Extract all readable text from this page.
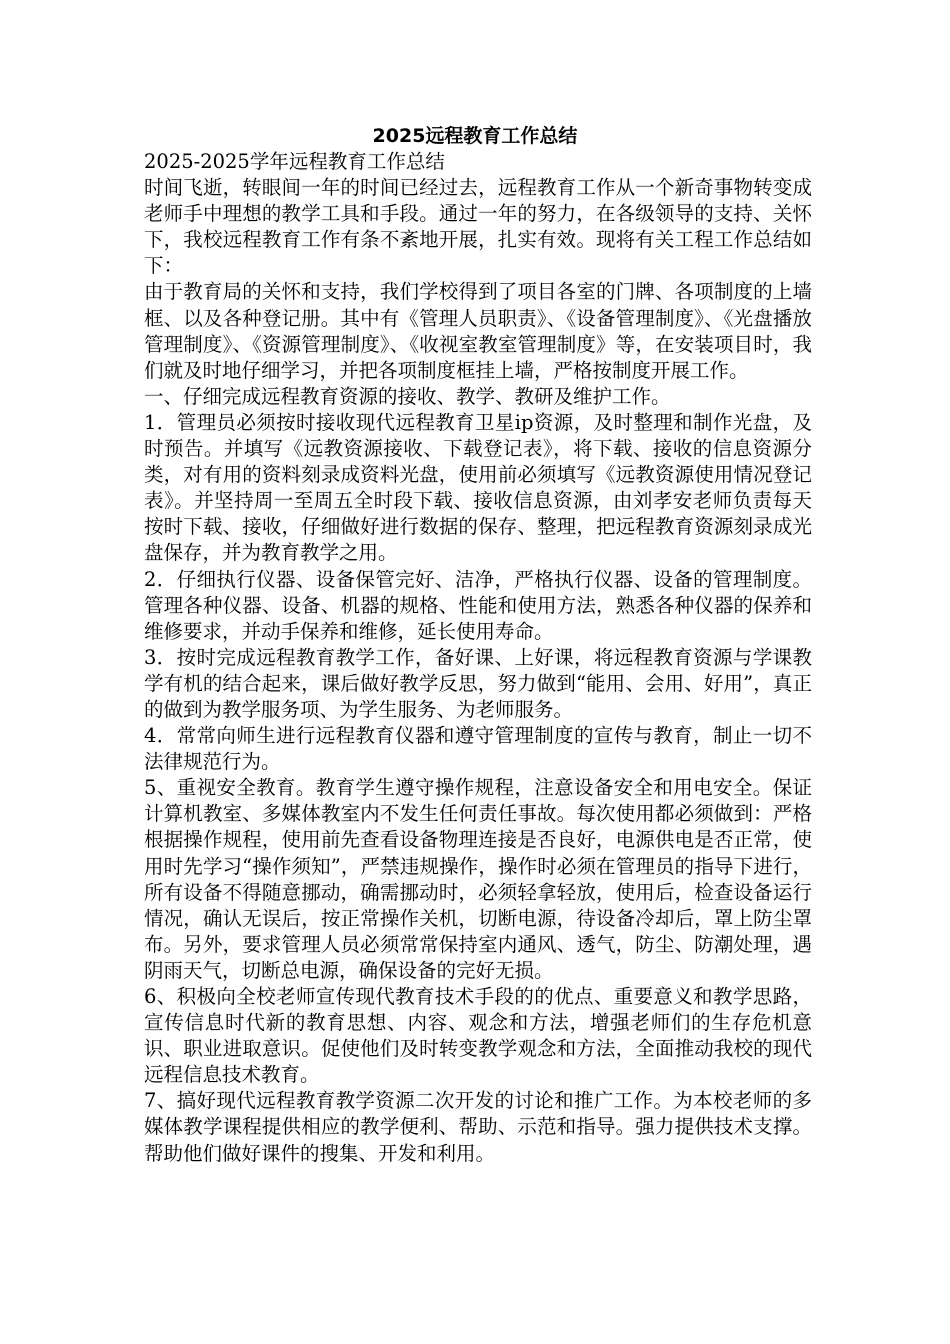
2025远程教育工作总结

2025-2025学年远程教育工作总结

时间飞逝，转眼间一年的时间已经过去，远程教育工作从一个新奇事物转变成老师手中理想的教学工具和手段。通过一年的努力，在各级领导的支持、关怀下，我校远程教育工作有条不紊地开展，扎实有效。现将有关工程工作总结如下：

由于教育局的关怀和支持，我们学校得到了项目各室的门牌、各项制度的上墙框、以及各种登记册。其中有《管理人员职责》、《设备管理制度》、《光盘播放管理制度》、《资源管理制度》、《收视室教室管理制度》等，在安装项目时，我们就及时地仔细学习，并把各项制度框挂上墙，严格按制度开展工作。

一、仔细完成远程教育资源的接收、教学、教研及维护工作。

1．管理员必须按时接收现代远程教育卫星ip资源，及时整理和制作光盘，及时预告。并填写《远教资源接收、下载登记表》，将下载、接收的信息资源分类，对有用的资料刻录成资料光盘，使用前必须填写《远教资源使用情况登记表》。并坚持周一至周五全时段下载、接收信息资源，由刘孝安老师负责每天按时下载、接收，仔细做好进行数据的保存、整理，把远程教育资源刻录成光盘保存，并为教育教学之用。

2．仔细执行仪器、设备保管完好、洁净，严格执行仪器、设备的管理制度。管理各种仪器、设备、机器的规格、性能和使用方法，熟悉各种仪器的保养和维修要求，并动手保养和维修，延长使用寿命。

3．按时完成远程教育教学工作，备好课、上好课，将远程教育资源与学课教学有机的结合起来，课后做好教学反思，努力做到“能用、会用、好用”，真正的做到为教学服务项、为学生服务、为老师服务。

4．常常向师生进行远程教育仪器和遵守管理制度的宣传与教育，制止一切不法律规范行为。

5、重视安全教育。教育学生遵守操作规程，注意设备安全和用电安全。保证计算机教室、多媒体教室内不发生任何责任事故。每次使用都必须做到：严格根据操作规程，使用前先查看设备物理连接是否良好，电源供电是否正常，使用时先学习“操作须知”，严禁违规操作，操作时必须在管理员的指导下进行，所有设备不得随意挪动，确需挪动时，必须轻拿轻放，使用后，检查设备运行情况，确认无误后，按正常操作关机，切断电源，待设备冷却后，罩上防尘罩布。另外，要求管理人员必须常常保持室内通风、透气，防尘、防潮处理，遇阴雨天气，切断总电源，确保设备的完好无损。

6、积极向全校老师宣传现代教育技术手段的的优点、重要意义和教学思路，宣传信息时代新的教育思想、内容、观念和方法，增强老师们的生存危机意识、职业进取意识。促使他们及时转变教学观念和方法，全面推动我校的现代远程信息技术教育。

7、搞好现代远程教育教学资源二次开发的讨论和推广工作。为本校老师的多媒体教学课程提供相应的教学便利、帮助、示范和指导。强力提供技术支撑。帮助他们做好课件的搜集、开发和利用。
